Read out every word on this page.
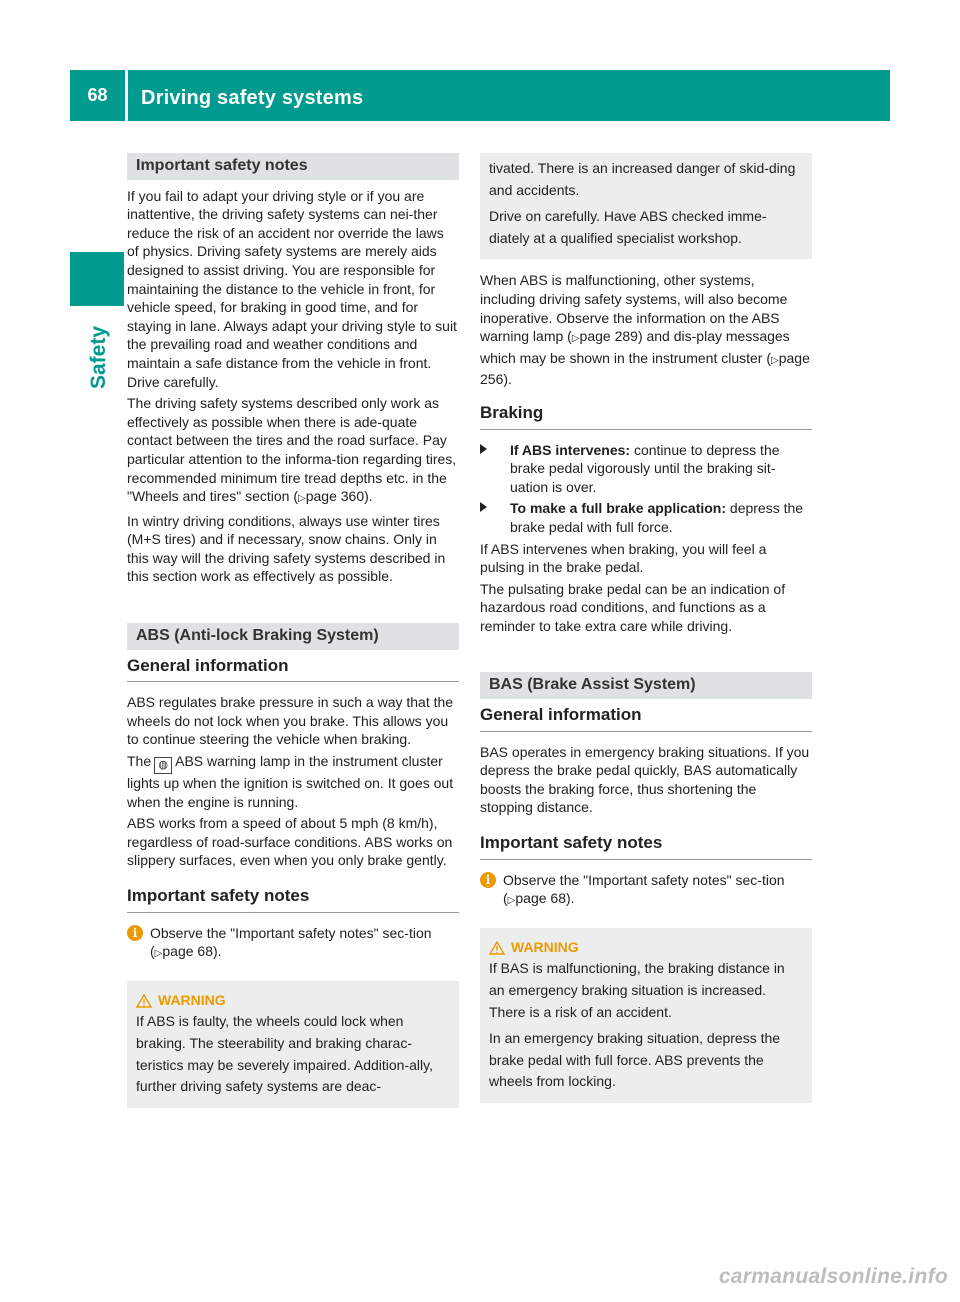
68	Driving safety systems
Safety
Important safety notes

If you fail to adapt your driving style or if you are inattentive, the driving safety systems can nei-ther reduce the risk of an accident nor override the laws of physics. Driving safety systems are merely aids designed to assist driving. You are responsible for maintaining the distance to the vehicle in front, for vehicle speed, for braking in good time, and for staying in lane. Always adapt your driving style to suit the prevailing road and weather conditions and maintain a safe distance from the vehicle in front. Drive carefully.

The driving safety systems described only work as effectively as possible when there is ade-quate contact between the tires and the road surface. Pay particular attention to the informa-tion regarding tires, recommended minimum tire tread depths etc. in the "Wheels and tires" section (▷page 360).

In wintry driving conditions, always use winter tires (M+S tires) and if necessary, snow chains. Only in this way will the driving safety systems described in this section work as effectively as possible.

ABS (Anti-lock Braking System)
General information

ABS regulates brake pressure in such a way that the wheels do not lock when you brake. This allows you to continue steering the vehicle when braking.

The ◍ ABS warning lamp in the instrument cluster lights up when the ignition is switched on. It goes out when the engine is running.

ABS works from a speed of about 5 mph (8 km/h), regardless of road-surface conditions. ABS works on slippery surfaces, even when you only brake gently.

Important safety notes
i Observe the "Important safety notes" sec-tion (▷page 68).
WARNING
If ABS is faulty, the wheels could lock when braking. The steerability and braking charac-teristics may be severely impaired. Addition-ally, further driving safety systems are deac-
tivated. There is an increased danger of skid-ding and accidents.
Drive on carefully. Have ABS checked imme-diately at a qualified specialist workshop.

When ABS is malfunctioning, other systems, including driving safety systems, will also become inoperative. Observe the information on the ABS warning lamp (▷page 289) and dis-play messages which may be shown in the instrument cluster (▷page 256).

Braking
If ABS intervenes: continue to depress the brake pedal vigorously until the braking sit-uation is over.
To make a full brake application: depress the brake pedal with full force.

If ABS intervenes when braking, you will feel a pulsing in the brake pedal.

The pulsating brake pedal can be an indication of hazardous road conditions, and functions as a reminder to take extra care while driving.

BAS (Brake Assist System)
General information

BAS operates in emergency braking situations. If you depress the brake pedal quickly, BAS automatically boosts the braking force, thus shortening the stopping distance.

Important safety notes
i Observe the "Important safety notes" sec-tion (▷page 68).
WARNING
If BAS is malfunctioning, the braking distance in an emergency braking situation is increased. There is a risk of an accident.
In an emergency braking situation, depress the brake pedal with full force. ABS prevents the wheels from locking.
carmanualsonline.info
